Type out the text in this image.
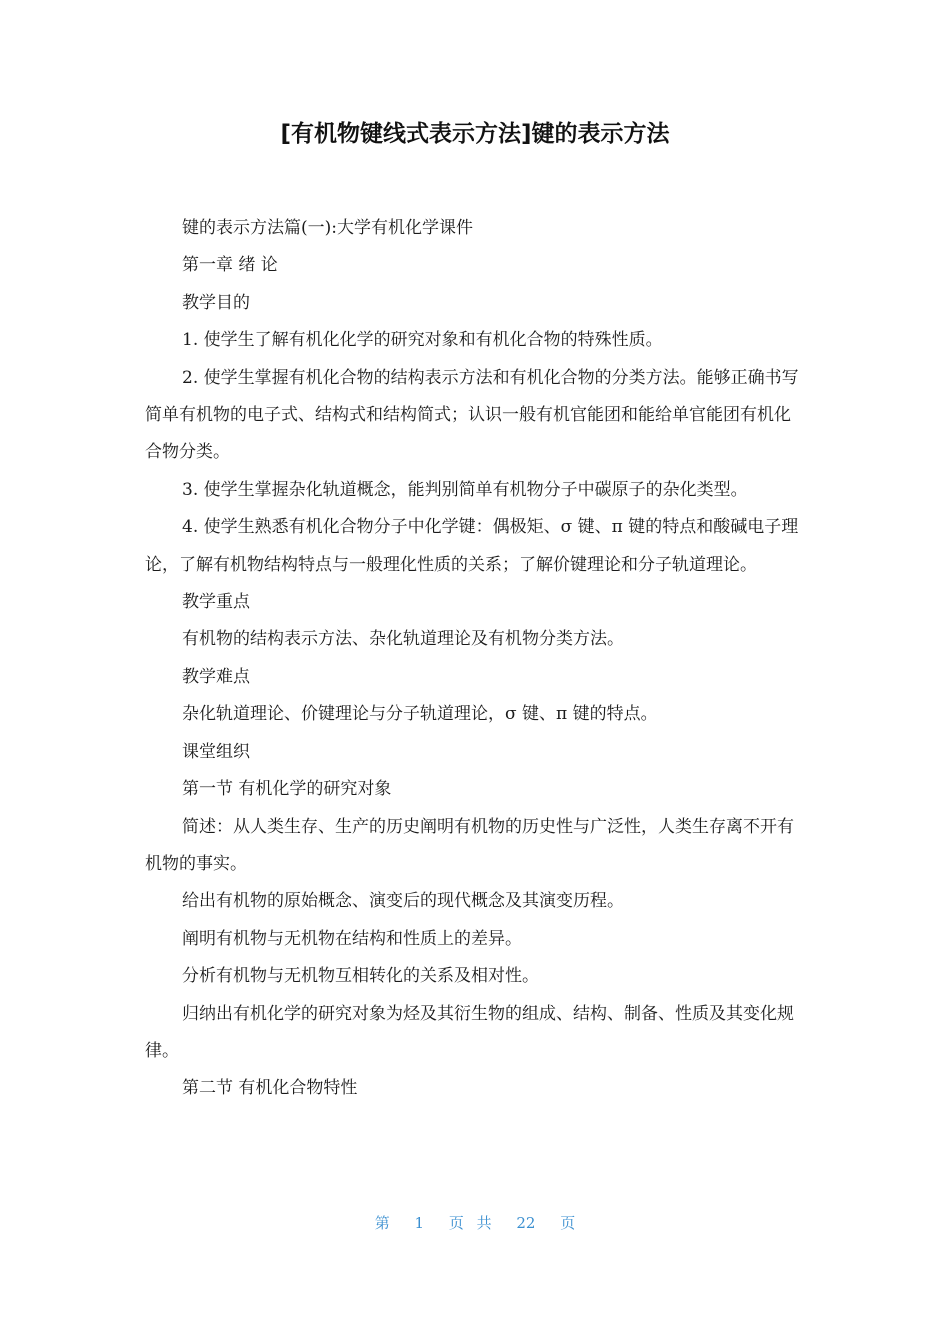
[有机物键线式表示方法]键的表示方法

键的表示方法篇(一):大学有机化学课件

第一章 绪 论

教学目的

1. 使学生了解有机化化学的研究对象和有机化合物的特殊性质。

2. 使学生掌握有机化合物的结构表示方法和有机化合物的分类方法。能够正确书写简单有机物的电子式、结构式和结构简式；认识一般有机官能团和能给单官能团有机化合物分类。

3. 使学生掌握杂化轨道概念，能判别简单有机物分子中碳原子的杂化类型。

4. 使学生熟悉有机化合物分子中化学键：偶极矩、σ 键、π 键的特点和酸碱电子理论，了解有机物结构特点与一般理化性质的关系；了解价键理论和分子轨道理论。

教学重点

有机物的结构表示方法、杂化轨道理论及有机物分类方法。

教学难点

杂化轨道理论、价键理论与分子轨道理论，σ 键、π 键的特点。

课堂组织

第一节 有机化学的研究对象

简述：从人类生存、生产的历史阐明有机物的历史性与广泛性，人类生存离不开有机物的事实。

给出有机物的原始概念、演变后的现代概念及其演变历程。

阐明有机物与无机物在结构和性质上的差异。

分析有机物与无机物互相转化的关系及相对性。

归纳出有机化学的研究对象为烃及其衍生物的组成、结构、制备、性质及其变化规律。

第二节 有机化合物特性

第 1 页 共 22 页
